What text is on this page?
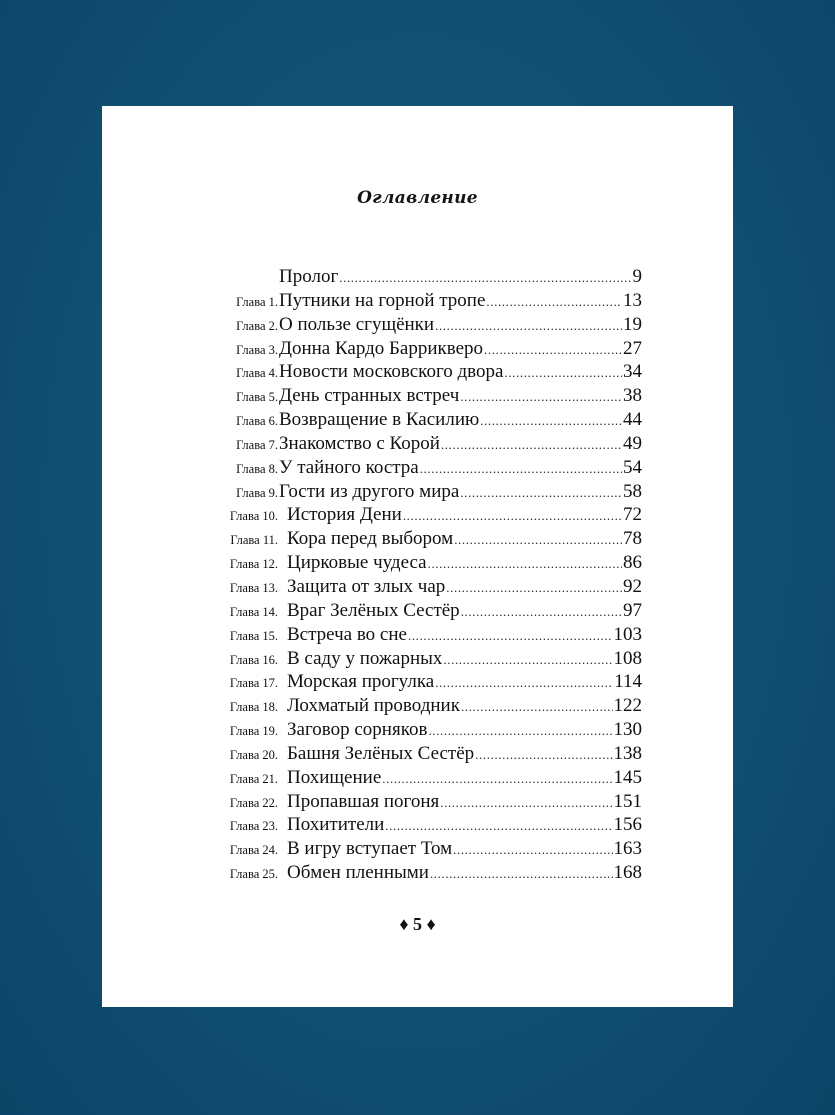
Оглавление
Пролог .....	9
Глава 1. Путники на горной тропе .....	13
Глава 2. О пользе сгущёнки .....	19
Глава 3. Донна Кардо Баррикверо .....	27
Глава 4. Новости московского двора .....	34
Глава 5. День странных встреч .....	38
Глава 6. Возвращение в Касилию .....	44
Глава 7. Знакомство с Корой .....	49
Глава 8. У тайного костра .....	54
Глава 9. Гости из другого мира .....	58
Глава 10. История Дени .....	72
Глава 11. Кора перед выбором .....	78
Глава 12. Цирковые чудеса .....	86
Глава 13. Защита от злых чар .....	92
Глава 14. Враг Зелёных Сестёр .....	97
Глава 15. Встреча во сне .....	103
Глава 16. В саду у пожарных .....	108
Глава 17. Морская прогулка .....	114
Глава 18. Лохматый проводник .....	122
Глава 19. Заговор сорняков .....	130
Глава 20. Башня Зелёных Сестёр .....	138
Глава 21. Похищение .....	145
Глава 22. Пропавшая погоня .....	151
Глава 23. Похитители .....	156
Глава 24. В игру вступает Том .....	163
Глава 25. Обмен пленными .....	168
♦ 5 ♦
